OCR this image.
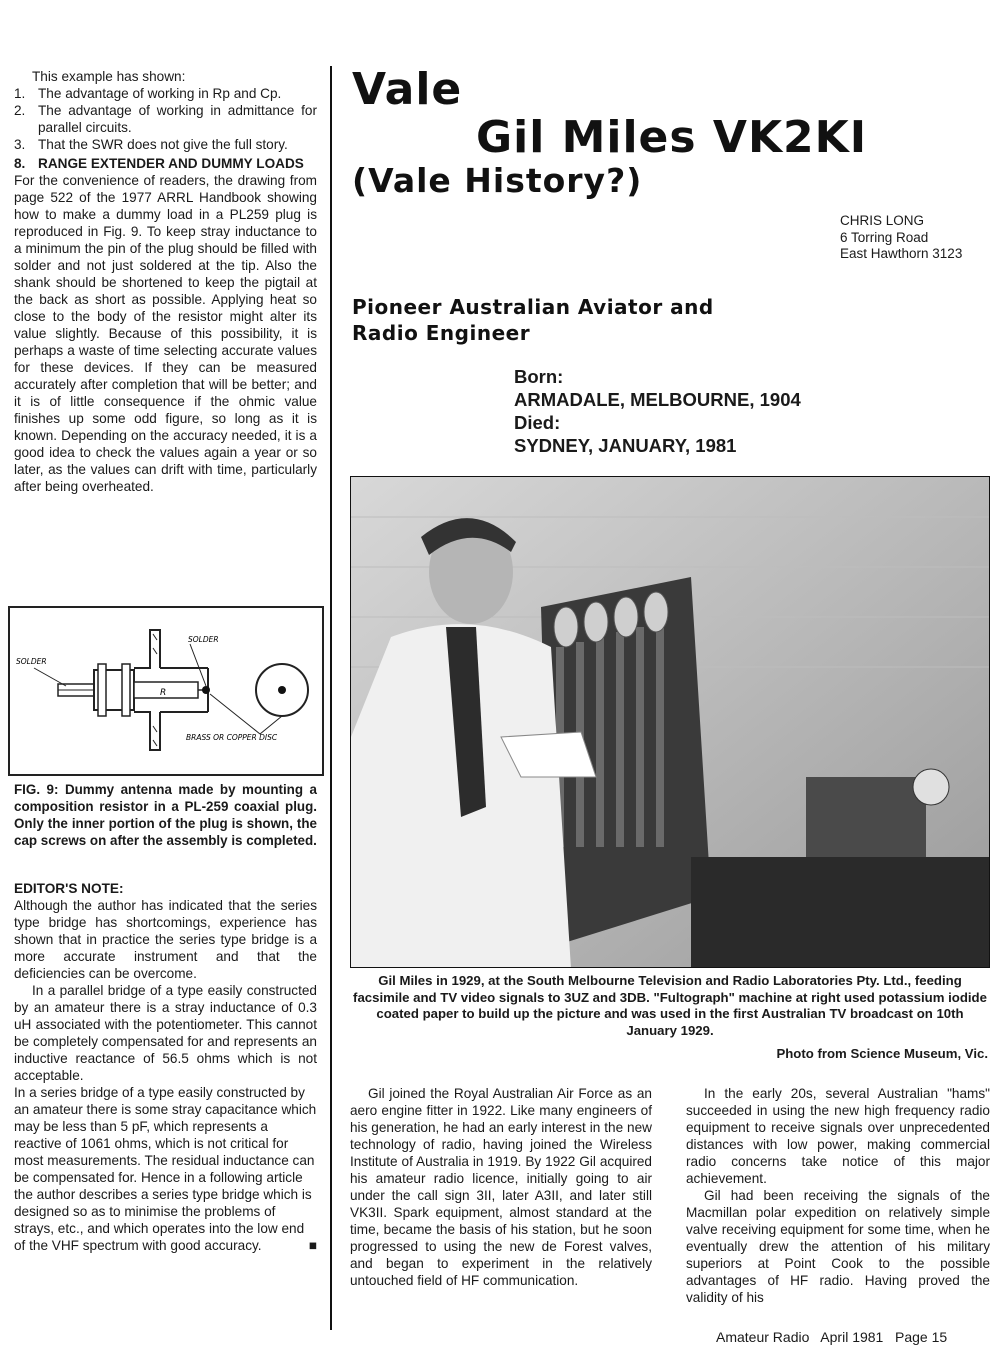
This example has shown:

1. The advantage of working in Rp and Cp.
2. The advantage of working in admittance for parallel circuits.
3. That the SWR does not give the full story.
8. RANGE EXTENDER AND DUMMY LOADS

For the convenience of readers, the drawing from page 522 of the 1977 ARRL Handbook showing how to make a dummy load in a PL259 plug is reproduced in Fig. 9. To keep stray inductance to a minimum the pin of the plug should be filled with solder and not just soldered at the tip. Also the shank should be shortened to keep the pigtail at the back as short as possible. Applying heat so close to the body of the resistor might alter its value slightly. Because of this possibility, it is perhaps a waste of time selecting accurate values for these devices. If they can be measured accurately after completion that will be better; and it is of little consequence if the ohmic value finishes up some odd figure, so long as it is known. Depending on the accuracy needed, it is a good idea to check the values again a year or so later, as the values can drift with time, particularly after being overheated.

R
SOLDER
SOLDER
BRASS OR COPPER DISC
FIG. 9: Dummy antenna made by mounting a composition resistor in a PL-259 coaxial plug. Only the inner portion of the plug is shown, the cap screws on after the assembly is completed.

EDITOR'S NOTE:

Although the author has indicated that the series type bridge has shortcomings, experience has shown that in practice the series type bridge is a more accurate instrument and that the deficiencies can be overcome.

In a parallel bridge of a type easily constructed by an amateur there is a stray inductance of 0.3 uH associated with the potentiometer. This cannot be completely compensated for and represents an inductive reactance of 56.5 ohms which is not acceptable.

In a series bridge of a type easily constructed by an amateur there is some stray capacitance which may be less than 5 pF, which represents a reactive of 1061 ohms, which is not critical for most measurements. The residual inductance can be compensated for. Hence in a following article the author describes a series type bridge which is designed so as to minimise the problems of strays, etc., and which operates into the low end of the VHF spectrum with good accuracy.	■
Vale
Gil Miles VK2KI
(Vale History?)
CHRIS LONG
6 Torring Road
East Hawthorn 3123
Pioneer Australian Aviator and
Radio Engineer
Born:
ARMADALE, MELBOURNE, 1904
Died:
SYDNEY, JANUARY, 1981
Gil Miles in 1929, at the South Melbourne Television and Radio Laboratories Pty. Ltd., feeding facsimile and TV video signals to 3UZ and 3DB. "Fultograph" machine at right used potassium iodide coated paper to build up the picture and was used in the first Australian TV broadcast on 10th January 1929.
Photo from Science Museum, Vic.
Gil joined the Royal Australian Air Force as an aero engine fitter in 1922. Like many engineers of his generation, he had an early interest in the new technology of radio, having joined the Wireless Institute of Australia in 1919. By 1922 Gil acquired his amateur radio licence, initially going to air under the call sign 3II, later A3II, and later still VK3II. Spark equipment, almost standard at the time, became the basis of his station, but he soon progressed to using the new de Forest valves, and began to experiment in the relatively untouched field of HF communication.

In the early 20s, several Australian "hams" succeeded in using the new high frequency radio equipment to receive signals over unprecedented distances with low power, making commercial radio concerns take notice of this major achievement.

Gil had been receiving the signals of the Macmillan polar expedition on relatively simple valve receiving equipment for some time, when he eventually drew the attention of his military superiors at Point Cook to the possible advantages of HF radio. Having proved the validity of his

Amateur Radio April 1981 Page 15
